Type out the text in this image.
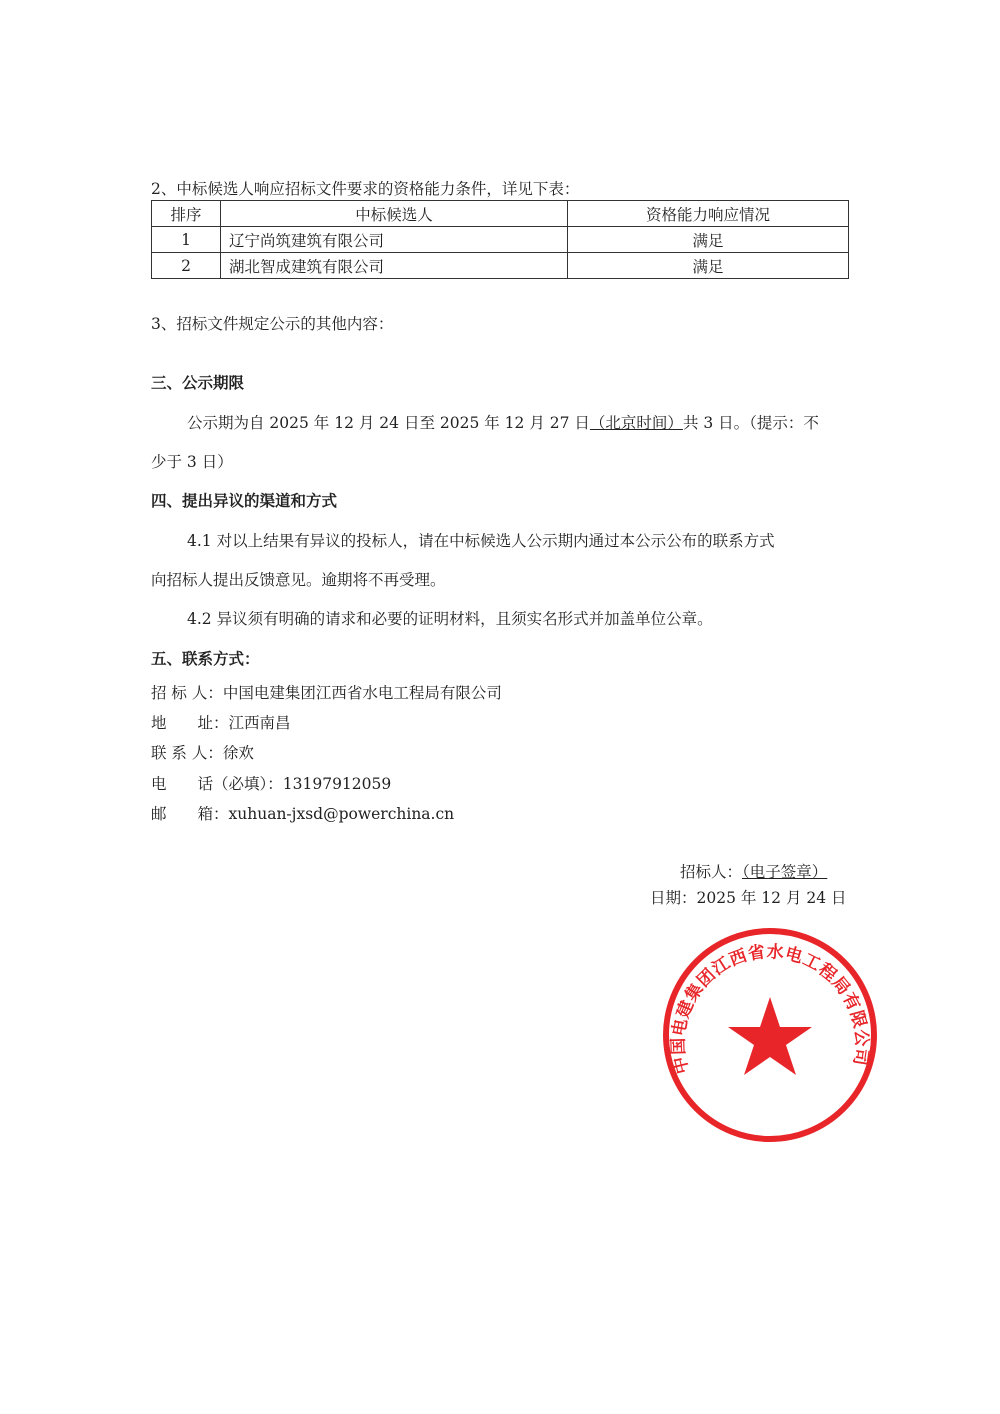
2、中标候选人响应招标文件要求的资格能力条件，详见下表：
排序	中标候选人	资格能力响应情况
1	辽宁尚筑建筑有限公司	满足
2	湖北智成建筑有限公司	满足
3、招标文件规定公示的其他内容：
三、公示期限
公示期为自 2025 年 12 月 24 日至 2025 年 12 月 27 日（北京时间）共 3 日。（提示：不
少于 3 日）
四、提出异议的渠道和方式
4.1 对以上结果有异议的投标人，请在中标候选人公示期内通过本公示公布的联系方式
向招标人提出反馈意见。逾期将不再受理。
4.2 异议须有明确的请求和必要的证明材料，且须实名形式并加盖单位公章。
五、联系方式：
招 标 人：中国电建集团江西省水电工程局有限公司
地　　址：江西南昌
联 系 人：徐欢
电　　话（必填）：13197912059
邮　　箱：xuhuan-jxsd@powerchina.cn
招标人：（电子签章）
日期：2025 年 12 月 24 日
中国电建集团江西省水电工程局有限公司
